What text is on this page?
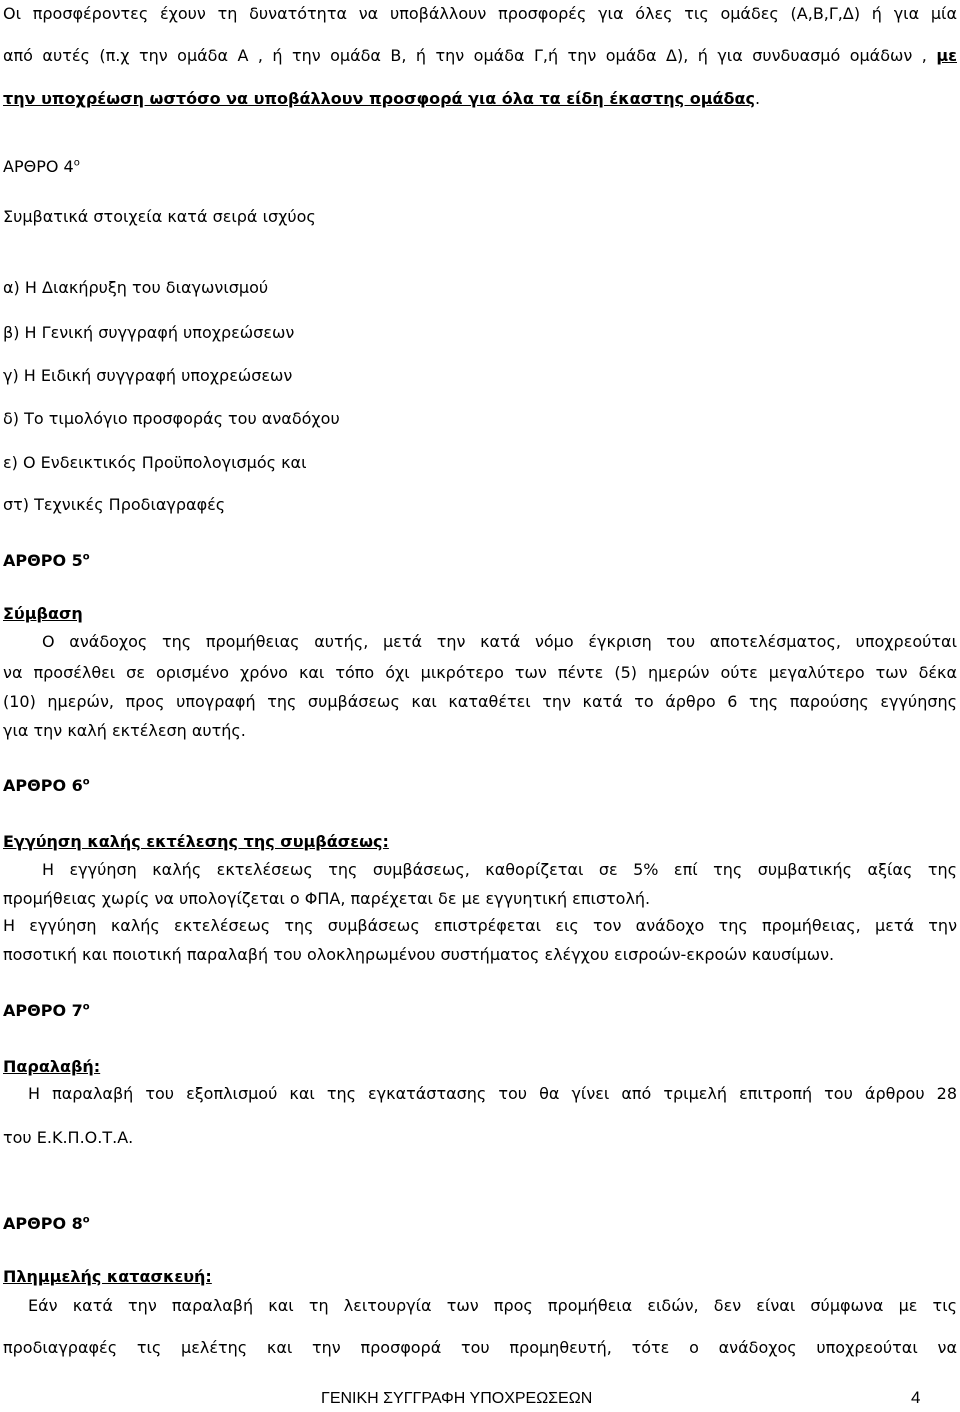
Οι προσφέροντες έχουν τη δυνατότητα να υποβάλλουν προσφορές για όλες τις ομάδες (Α,Β,Γ,Δ) ή για μία
από αυτές (π.χ την ομάδα Α , ή την ομάδα Β, ή την ομάδα Γ,ή την ομάδα Δ), ή για συνδυασμό ομάδων , με
την υποχρέωση ωστόσο να υποβάλλουν προσφορά για όλα τα είδη έκαστης ομάδας.
ΑΡΘΡΟ $4^o$
Συμβατικά στοιχεία κατά σειρά ισχύος
α) Η Διακήρυξη του διαγωνισμού
β) Η Γενική συγγραφή υποχρεώσεων
γ) Η Ειδική συγγραφή υποχρεώσεων
δ) Το τιμολόγιο προσφοράς του αναδόχου
ε) Ο Ενδεικτικός Προϋπολογισμός και
στ) Τεχνικές Προδιαγραφές
ΑΡΘΡΟ $5^o$
Σύμβαση
Ο ανάδοχος της προμήθειας αυτής, μετά την κατά νόμο έγκριση του αποτελέσματος, υποχρεούται
να προσέλθει σε ορισμένο χρόνο και τόπο όχι μικρότερο των πέντε (5) ημερών ούτε μεγαλύτερο των δέκα
(10) ημερών, προς υπογραφή της συμβάσεως και καταθέτει την κατά το άρθρο 6 της παρούσης εγγύησης
για την καλή εκτέλεση αυτής.
ΑΡΘΡΟ $6^o$
Εγγύηση καλής εκτέλεσης της συμβάσεως:
Η εγγύηση καλής εκτελέσεως της συμβάσεως, καθορίζεται σε 5% επί της συμβατικής αξίας της
προμήθειας χωρίς να υπολογίζεται ο ΦΠΑ, παρέχεται δε με εγγυητική επιστολή.
Η εγγύηση καλής εκτελέσεως της συμβάσεως επιστρέφεται εις τον ανάδοχο της προμήθειας, μετά την
ποσοτική και ποιοτική παραλαβή του ολοκληρωμένου συστήματος ελέγχου εισροών-εκροών καυσίμων.
ΑΡΘΡΟ $7^o$
Παραλαβή:
Η παραλαβή του εξοπλισμού και της εγκατάστασης του θα γίνει από τριμελή επιτροπή του άρθρου 28
του Ε.Κ.Π.Ο.Τ.Α.
ΑΡΘΡΟ $8^o$
Πλημμελής κατασκευή:
Εάν κατά την παραλαβή και τη λειτουργία των προς προμήθεια ειδών, δεν είναι σύμφωνα με τις
προδιαγραφές τις μελέτης και την προσφορά του προμηθευτή, τότε ο ανάδοχος υποχρεούται να
ΓΕΝΙΚΗ ΣΥΓΓΡΑΦΗ ΥΠΟΧΡΕΩΣΕΩΝ	4
